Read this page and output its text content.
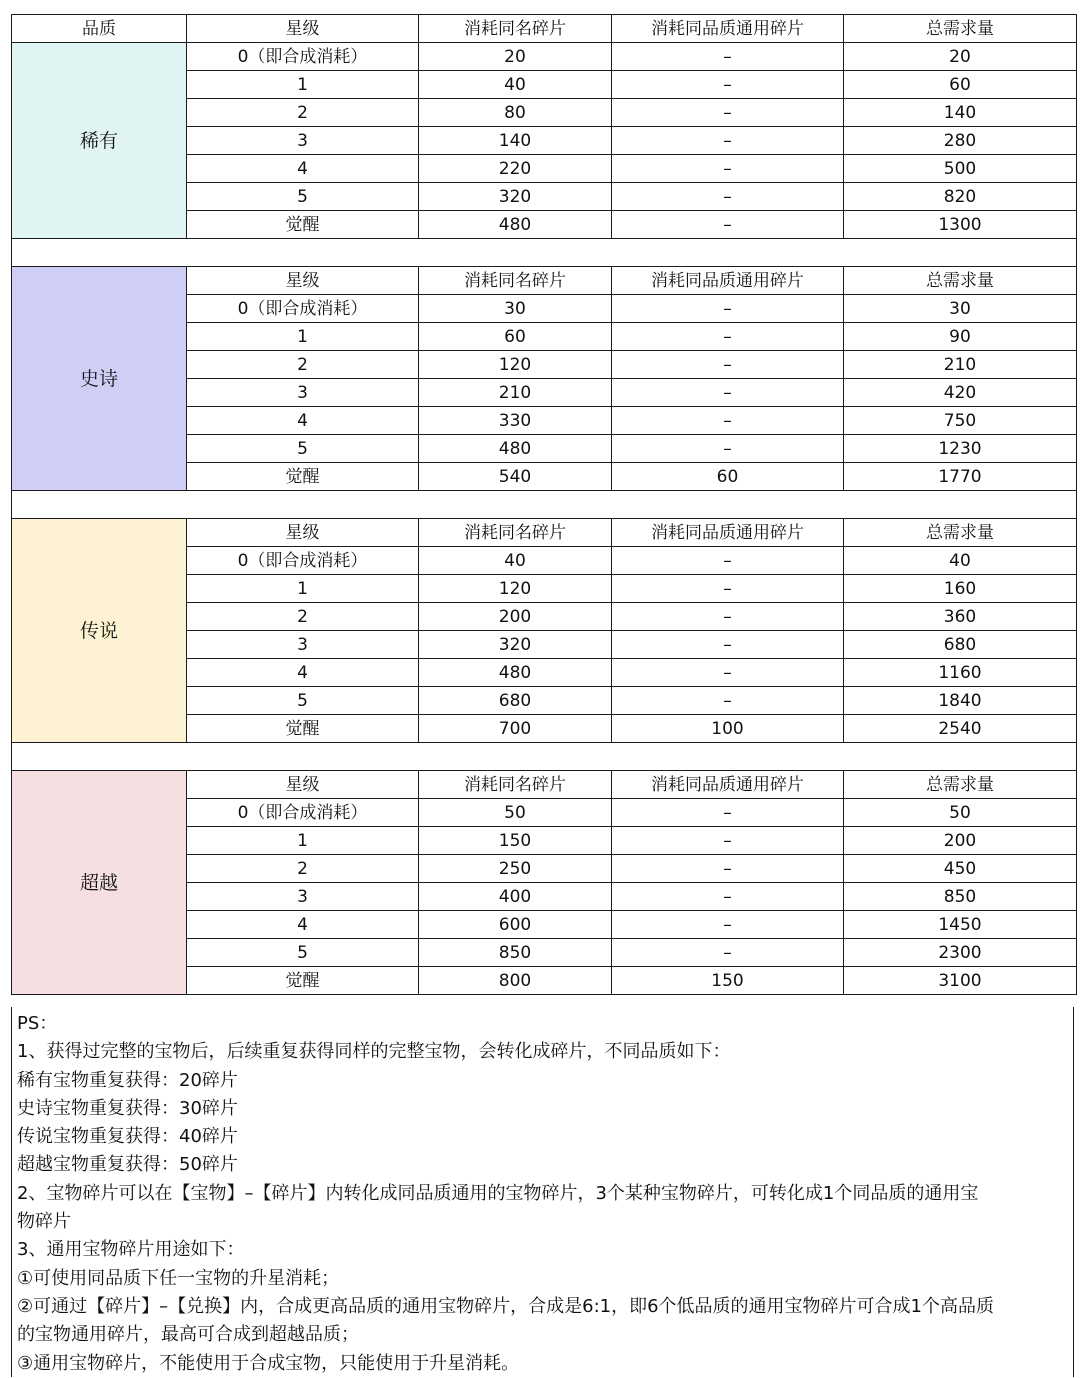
品质	星级	消耗同名碎片	消耗同品质通用碎片	总需求量
稀有	0（即合成消耗）	20	–	20
	1	40	–	60
	2	80	–	140
	3	140	–	280
	4	220	–	500
	5	320	–	820
	觉醒	480	–	1300

史诗	星级	消耗同名碎片	消耗同品质通用碎片	总需求量
	0（即合成消耗）	30	–	30
	1	60	–	90
	2	120	–	210
	3	210	–	420
	4	330	–	750
	5	480	–	1230
	觉醒	540	60	1770

传说	星级	消耗同名碎片	消耗同品质通用碎片	总需求量
	0（即合成消耗）	40	–	40
	1	120	–	160
	2	200	–	360
	3	320	–	680
	4	480	–	1160
	5	680	–	1840
	觉醒	700	100	2540

超越	星级	消耗同名碎片	消耗同品质通用碎片	总需求量
	0（即合成消耗）	50	–	50
	1	150	–	200
	2	250	–	450
	3	400	–	850
	4	600	–	1450
	5	850	–	2300
	觉醒	800	150	3100

PS：

1、获得过完整的宝物后，后续重复获得同样的完整宝物，会转化成碎片，不同品质如下：

稀有宝物重复获得：20碎片

史诗宝物重复获得：30碎片

传说宝物重复获得：40碎片

超越宝物重复获得：50碎片

2、宝物碎片可以在【宝物】–【碎片】内转化成同品质通用的宝物碎片，3个某种宝物碎片，可转化成1个同品质的通用宝

物碎片

3、通用宝物碎片用途如下：

①可使用同品质下任一宝物的升星消耗；

②可通过【碎片】–【兑换】内，合成更高品质的通用宝物碎片，合成是6:1，即6个低品质的通用宝物碎片可合成1个高品质

的宝物通用碎片，最高可合成到超越品质；

③通用宝物碎片，不能使用于合成宝物，只能使用于升星消耗。
